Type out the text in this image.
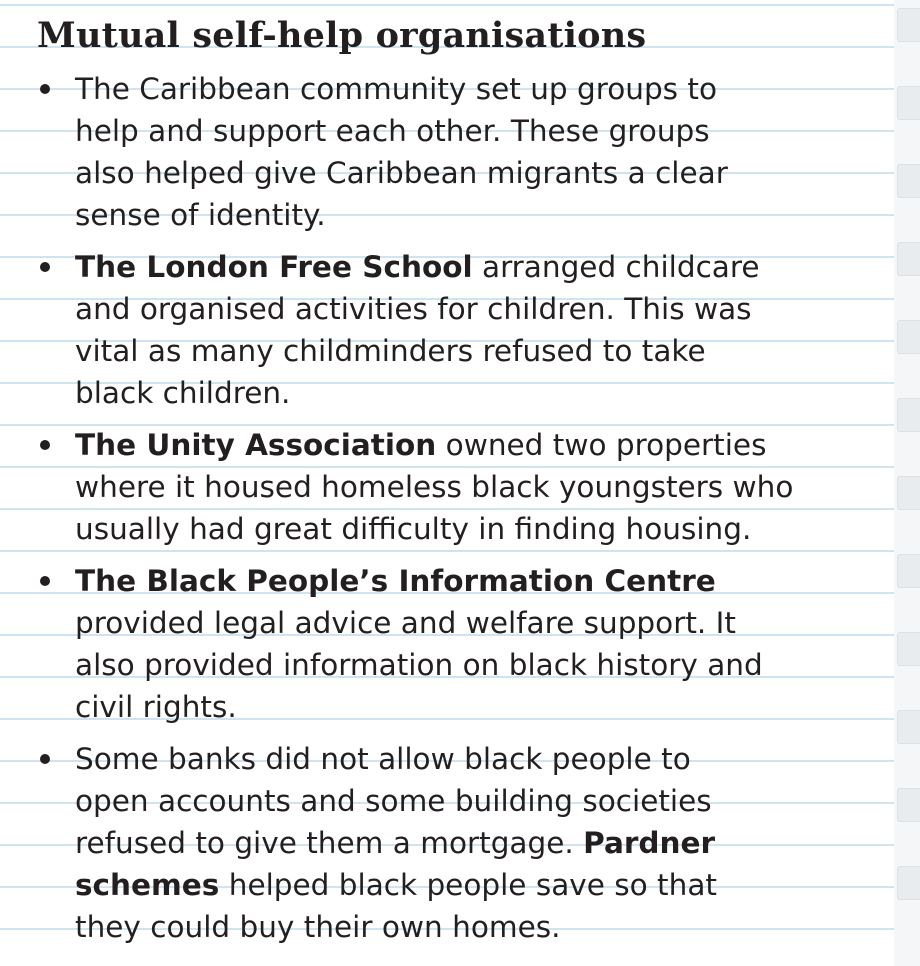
Mutual self-help organisations
The Caribbean community set up groups to
help and support each other. These groups
also helped give Caribbean migrants a clear
sense of identity.
The London Free School arranged childcare
and organised activities for children. This was
vital as many childminders refused to take
black children.
The Unity Association owned two properties
where it housed homeless black youngsters who
usually had great difficulty in finding housing.
The Black People’s Information Centre
provided legal advice and welfare support. It
also provided information on black history and
civil rights.
Some banks did not allow black people to
open accounts and some building societies
refused to give them a mortgage. Pardner
schemes helped black people save so that
they could buy their own homes.
